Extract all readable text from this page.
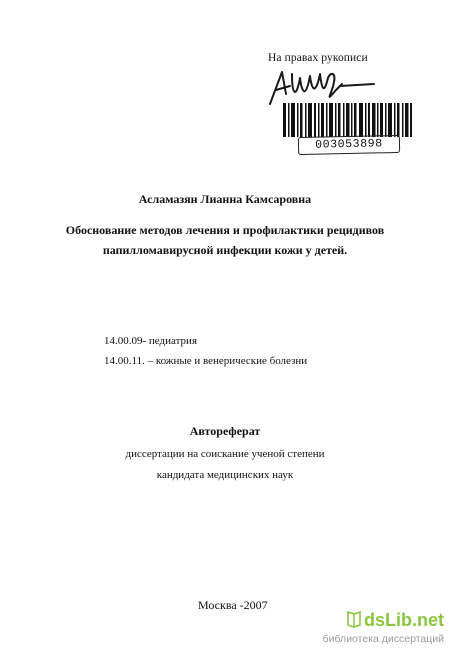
На правах рукописи
003053898
Асламазян Лианна Камсаровна
Обоснование методов лечения и профилактики рецидивов
папилломавирусной инфекции кожи у детей.
14.00.09- педиатрия
14.00.11. – кожные и венерические болезни
Автореферат
диссертации на соискание ученой степени
кандидата медицинских наук
Москва -2007
dsLib.net
библиотека диссертаций
